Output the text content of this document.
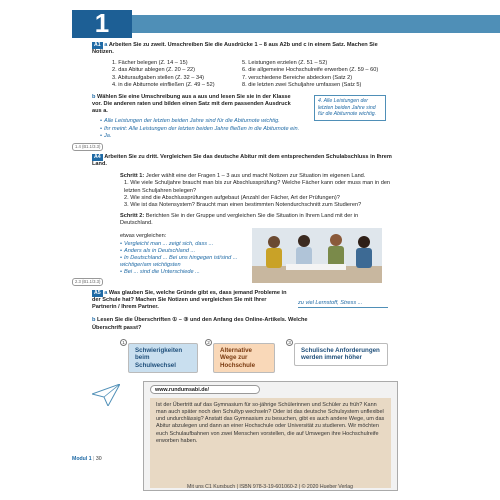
1
A1 a Arbeiten Sie zu zweit. Umschreiben Sie die Ausdrücke 1 – 8 aus A2b und c in einem Satz. Machen Sie Notizen.
1. Fächer belegen (Z. 14 – 15)
2. das Abitur ablegen (Z. 20 – 22)
3. Abituraufgaben stellen (Z. 32 – 34)
4. in die Abiturnote einfließen (Z. 49 – 52)
5. Leistungen erzielen (Z. 51 – 52)
6. die allgemeine Hochschulreife erwerben (Z. 59 – 60)
7. verschiedene Bereiche abdecken (Satz 2)
8. die letzten zwei Schuljahre umfassen (Satz 5)
b Wählen Sie eine Umschreibung aus a aus und lesen Sie sie in der Klasse vor. Die anderen raten und bilden einen Satz mit dem passenden Ausdruck aus a.
• Alle Leistungen der letzten beiden Jahre sind für die Abiturnote wichtig.
• Ihr meint: Alle Leistungen der letzten beiden Jahre fließen in die Abiturnote ein.
• Ja.
4. Alle Leistungen der letzten beiden Jahre sind für die Abiturnote wichtig.
1.4 (B1.1/3.3)
A4 Arbeiten Sie zu dritt. Vergleichen Sie das deutsche Abitur mit dem entsprechenden Schulabschluss in Ihrem Land.
Schritt 1: Jeder wählt eine der Fragen 1 – 3 aus und macht Notizen zur Situation im eigenen Land.
1. Wie viele Schuljahre braucht man bis zur Abschlussprüfung? Welche Fächer kann oder muss man in den letzten Schuljahren belegen?
2. Wie sind die Abschlussprüfungen aufgebaut (Anzahl der Fächer, Art der Prüfungen)?
3. Wie ist das Notensystem? Braucht man einen bestimmten Notendurchschnitt zum Studieren?
Schritt 2: Berichten Sie in der Gruppe und vergleichen Sie die Situation in Ihrem Land mit der in Deutschland.
etwas vergleichen:
• Vergleicht man ... zeigt sich, dass ...
• Anders als in Deutschland ...
• In Deutschland ... Bei uns hingegen ist/sind ... wichtiger/am wichtigsten
• Bei ... sind die Unterschiede ...
2.3 (B1.1/3.3)
A5 a Was glauben Sie, welche Gründe gibt es, dass jemand Probleme in der Schule hat? Machen Sie Notizen und vergleichen Sie mit Ihrer Partnerin / Ihrem Partner.
b Lesen Sie die Überschriften ① – ③ und den Anfang des Online-Artikels. Welche Überschrift passt?
zu viel Lernstoff, Stress ...
1
Schwierigkeiten beim Schulwechsel
2
Alternative Wege zur Hochschule
3
Schulische Anforderungen werden immer höher
www.rundumsabi.de/
Ist der Übertritt auf das Gymnasium für so-jährige Schülerinnen und Schüler zu früh? Kann man auch später noch den Schultyp wechseln? Oder ist das deutsche Schulsystem unflexibel und undurchlässig? Anstatt das Gymnasium zu besuchen, gibt es auch andere Wege, um das Abitur abzulegen und dann an einer Hochschule oder Universität zu studieren. Wir möchten euch Schulaufbahnen von zwei Menschen vorstellen, die auf Umwegen ihre Hochschulreife erworben haben.
Modul 1 | 30
Mit uns C1 Kursbuch | ISBN 978-3-19-601060-2 | © 2020 Hueber Verlag
